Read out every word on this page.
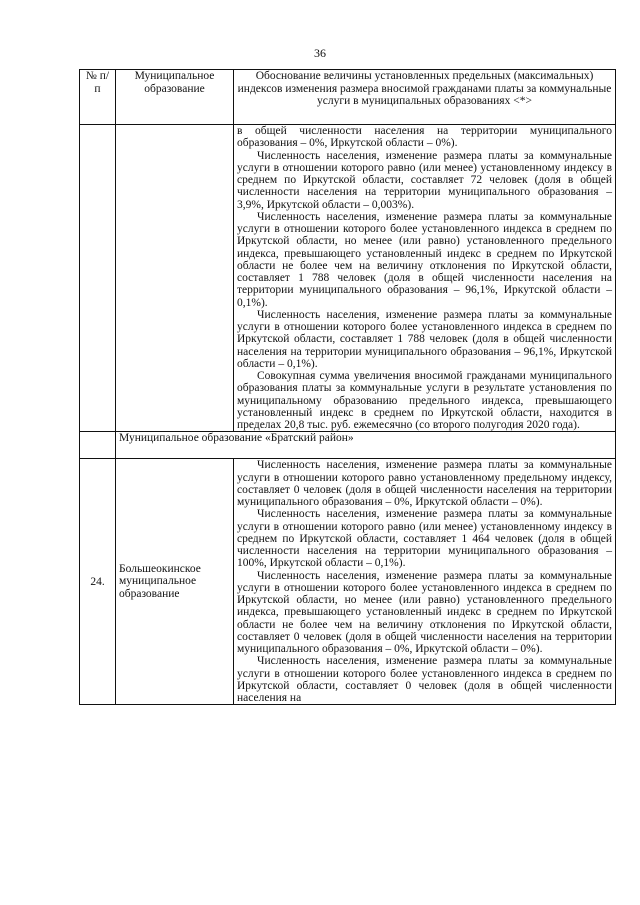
36
№ п/п	Муниципальное образование	Обоснование величины установленных предельных (максимальных) индексов изменения размера вносимой гражданами платы за коммунальные услуги в муниципальных образованиях <*>

		в общей численности населения на территории муниципального образования – 0%, Иркутской области – 0%).

Численность населения, изменение размера платы за коммунальные услуги в отношении которого равно (или менее) установленному индексу в среднем по Иркутской области, составляет 72 человек (доля в общей численности населения на территории муниципального образования – 3,9%, Иркутской области – 0,003%).

Численность населения, изменение размера платы за коммунальные услуги в отношении которого более установленного индекса в среднем по Иркутской области, но менее (или равно) установленного предельного индекса, превышающего установленный индекс в среднем по Иркутской области не более чем на величину отклонения по Иркутской области, составляет 1 788 человек (доля в общей численности населения на территории муниципального образования – 96,1%, Иркутской области – 0,1%).

Численность населения, изменение размера платы за коммунальные услуги в отношении которого более установленного индекса в среднем по Иркутской области, составляет 1 788 человек (доля в общей численности населения на территории муниципального образования – 96,1%, Иркутской области – 0,1%).

Совокупная сумма увеличения вносимой гражданами муниципального образования платы за коммунальные услуги в результате установления по муниципальному образованию предельного индекса, превышающего установленный индекс в среднем по Иркутской области, находится в пределах 20,8 тыс. руб. ежемесячно (со второго полугодия 2020 года).

	Муниципальное образование «Братский район»	
24.	Большеокинское муниципальное образование	Численность населения, изменение размера платы за коммунальные услуги в отношении которого равно установленному предельному индексу, составляет 0 человек (доля в общей численности населения на территории муниципального образования – 0%, Иркутской области – 0%).

Численность населения, изменение размера платы за коммунальные услуги в отношении которого равно (или менее) установленному индексу в среднем по Иркутской области, составляет 1 464 человек (доля в общей численности населения на территории муниципального образования – 100%, Иркутской области – 0,1%).

Численность населения, изменение размера платы за коммунальные услуги в отношении которого более установленного индекса в среднем по Иркутской области, но менее (или равно) установленного предельного индекса, превышающего установленный индекс в среднем по Иркутской области не более чем на величину отклонения по Иркутской области, составляет 0 человек (доля в общей численности населения на территории муниципального образования – 0%, Иркутской области – 0%).

Численность населения, изменение размера платы за коммунальные услуги в отношении которого более установленного индекса в среднем по Иркутской области, составляет 0 человек (доля в общей численности населения на
